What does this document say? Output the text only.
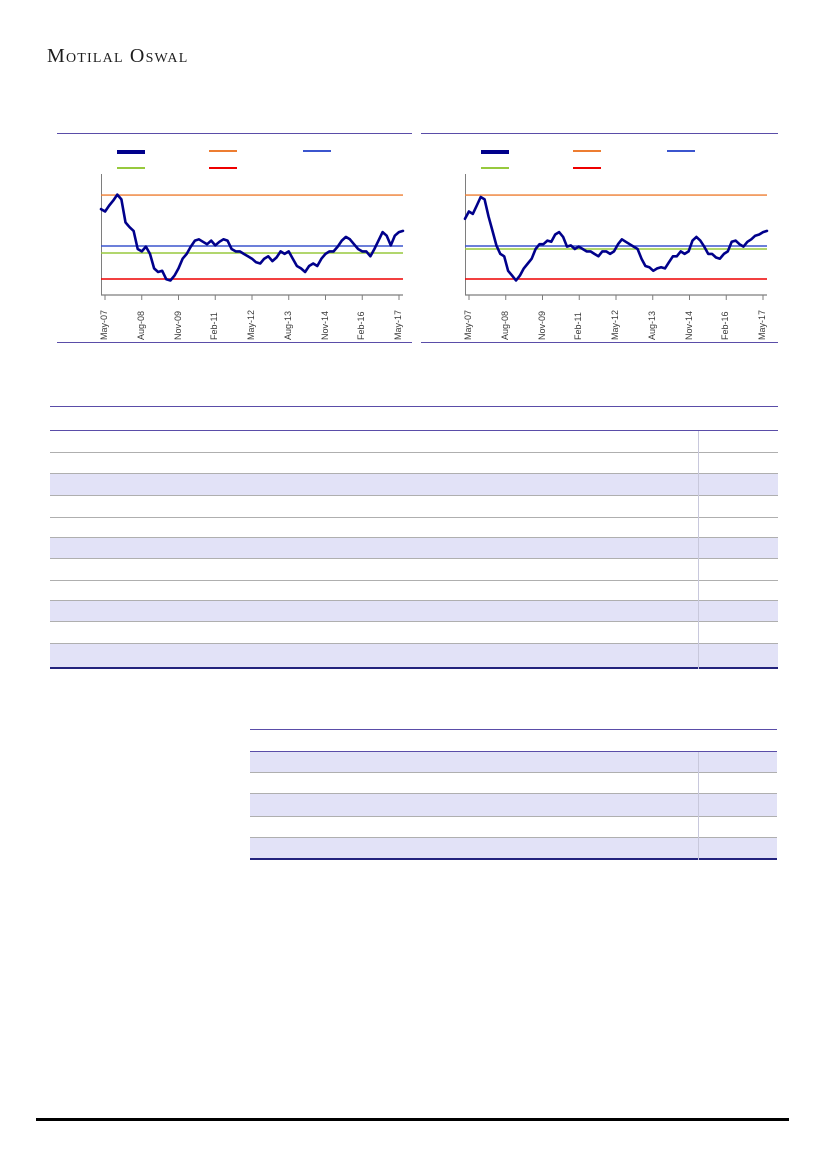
Motilal Oswal
May-07	Aug-08	Nov-09	Feb-11	May-12	Aug-13	Nov-14	Feb-16	May-17	May-07	Aug-08	Nov-09	Feb-11	May-12	Aug-13	Nov-14	Feb-16	May-17
